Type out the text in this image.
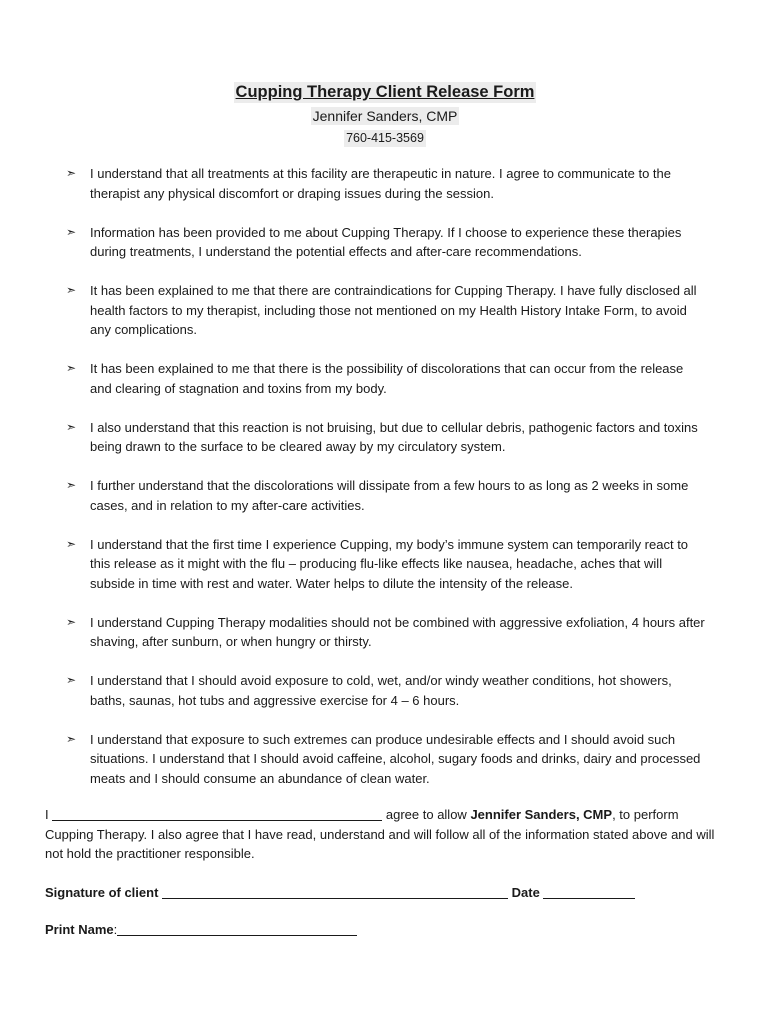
Cupping Therapy Client Release Form
Jennifer Sanders, CMP
760-415-3569
➣	I understand that all treatments at this facility are therapeutic in nature. I agree to communicate to the therapist any physical discomfort or draping issues during the session.
➣	Information has been provided to me about Cupping Therapy. If I choose to experience these therapies during treatments, I understand the potential effects and after-care recommendations.
➣	It has been explained to me that there are contraindications for Cupping Therapy. I have fully disclosed all health factors to my therapist, including those not mentioned on my Health History Intake Form, to avoid any complications.
➣	It has been explained to me that there is the possibility of discolorations that can occur from the release and clearing of stagnation and toxins from my body.
➣	I also understand that this reaction is not bruising, but due to cellular debris, pathogenic factors and toxins being drawn to the surface to be cleared away by my circulatory system.
➣	I further understand that the discolorations will dissipate from a few hours to as long as 2 weeks in some cases, and in relation to my after-care activities.
➣	I understand that the first time I experience Cupping, my body’s immune system can temporarily react to this release as it might with the flu – producing flu-like effects like nausea, headache, aches that will subside in time with rest and water. Water helps to dilute the intensity of the release.
➣	I understand Cupping Therapy modalities should not be combined with aggressive exfoliation, 4 hours after shaving, after sunburn, or when hungry or thirsty.
➣	I understand that I should avoid exposure to cold, wet, and/or windy weather conditions, hot showers, baths, saunas, hot tubs and aggressive exercise for 4 – 6 hours.
➣	I understand that exposure to such extremes can produce undesirable effects and I should avoid such situations. I understand that I should avoid caffeine, alcohol, sugary foods and drinks, dairy and processed meats and I should consume an abundance of clean water.
I	agree to allow Jennifer Sanders, CMP, to perform Cupping Therapy. I also agree that I have read, understand and will follow all of the information stated above and will not hold the practitioner responsible.
Signature of client	Date
Print Name:
